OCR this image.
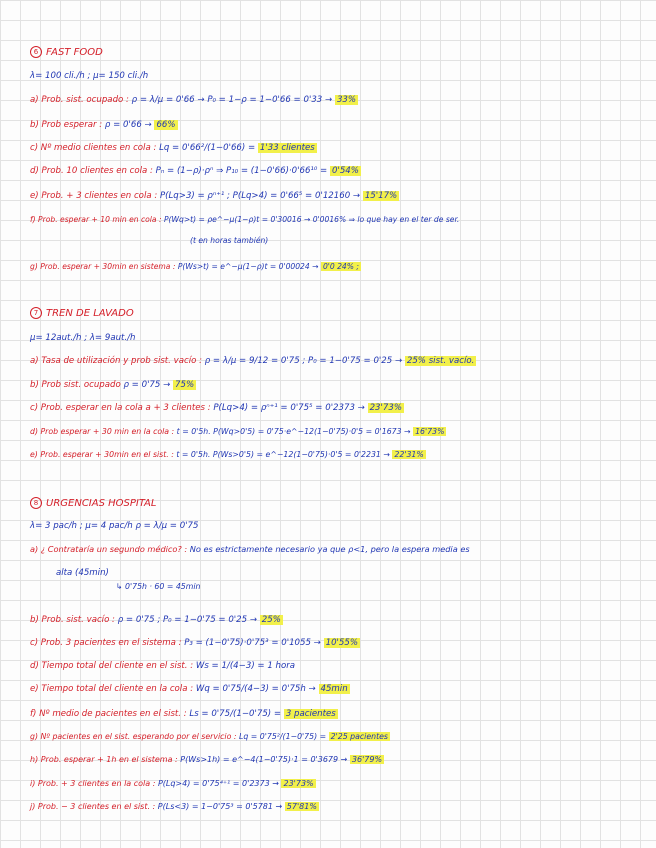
6 FAST FOOD
λ= 100 cli./h ; μ= 150 cli./h
a) Prob. sist. ocupado : ρ = λ/μ = 0'66 → P₀ = 1−ρ = 1−0'66 = 0'33 → 33%
b) Prob esperar : ρ = 0'66 → 66%
c) Nº medio clientes en cola : Lq = 0'66²/(1−0'66) = 1'33 clientes
d) Prob. 10 clientes en cola : Pₙ = (1−ρ)·ρⁿ ⇒ P₁₀ = (1−0'66)·0'66¹⁰ = 0'54%
e) Prob. + 3 clientes en cola : P(Lq>3) = ρⁿ⁺¹ ; P(Lq>4) = 0'66⁵ = 0'12160 → 15'17%
f) Prob. esperar + 10 min en cola : P(Wq>t) = ρe^−μ(1−ρ)t = 0'30016 → 0'0016% ⇒ lo que hay en el ter de ser.
(t en horas también)
g) Prob. esperar + 30min en sistema : P(Ws>t) = e^−μ(1−ρ)t = 0'00024 → 0'0 24% ;
7 TREN DE LAVADO
μ= 12aut./h ; λ= 9aut./h
a) Tasa de utilización y prob sist. vacío : ρ = λ/μ = 9/12 = 0'75 ; P₀ = 1−0'75 = 0'25 → 25% sist. vacío.
b) Prob sist. ocupado ρ = 0'75 → 75%
c) Prob. esperar en la cola a + 3 clientes : P(Lq>4) = ρⁿ⁺¹ = 0'75⁵ = 0'2373 → 23'73%
d) Prob esperar + 30 min en la cola : t = 0'5h. P(Wq>0'5) = 0'75·e^−12(1−0'75)·0'5 = 0'1673 → 16'73%
e) Prob. esperar + 30min en el sist. : t = 0'5h. P(Ws>0'5) = e^−12(1−0'75)·0'5 = 0'2231 → 22'31%
8 URGENCIAS HOSPITAL
λ= 3 pac/h ; μ= 4 pac/h ρ = λ/μ = 0'75
a) ¿ Contrataría un segundo médico? : No es estrictamente necesario ya que ρ<1, pero la espera media es
alta (45min)
↳ 0'75h · 60 = 45min
b) Prob. sist. vacío : ρ = 0'75 ; P₀ = 1−0'75 = 0'25 → 25%
c) Prob. 3 pacientes en el sistema : P₃ = (1−0'75)·0'75³ = 0'1055 → 10'55%
d) Tiempo total del cliente en el sist. : Ws = 1/(4−3) = 1 hora
e) Tiempo total del cliente en la cola : Wq = 0'75/(4−3) = 0'75h → 45min
f) Nº medio de pacientes en el sist. : Ls = 0'75/(1−0'75) = 3 pacientes
g) Nº pacientes en el sist. esperando por el servicio : Lq = 0'75²/(1−0'75) = 2'25 pacientes
h) Prob. esperar + 1h en el sistema : P(Ws>1h) = e^−4(1−0'75)·1 = 0'3679 → 36'79%
i) Prob. + 3 clientes en la cola : P(Lq>4) = 0'75⁴⁺¹ = 0'2373 → 23'73%
j) Prob. − 3 clientes en el sist. : P(Ls<3) = 1−0'75³ = 0'5781 → 57'81%
